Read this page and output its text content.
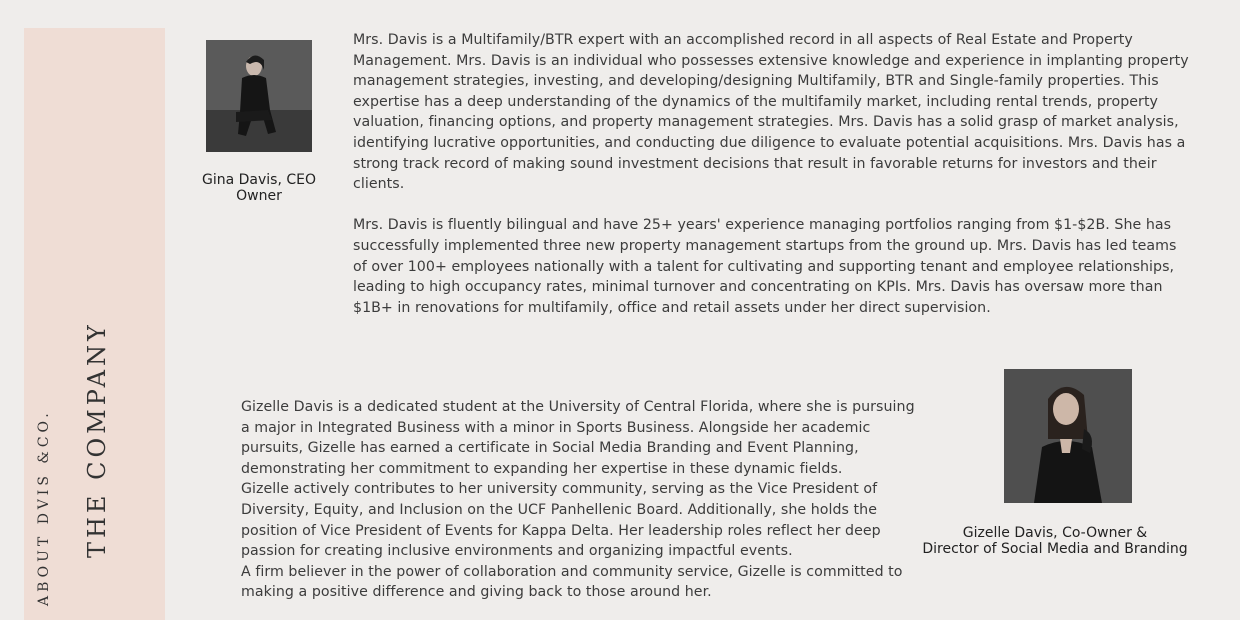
ABOUT DVIS &CO. THE COMPANY
Gina Davis, CEO
Owner

Mrs. Davis is a Multifamily/BTR expert with an accomplished record in all aspects of Real Estate and Property Management. Mrs. Davis is an individual who possesses extensive knowledge and experience in implanting property management strategies, investing, and developing/designing Multifamily, BTR and Single-family properties. This expertise has a deep understanding of the dynamics of the multifamily market, including rental trends, property valuation, financing options, and property management strategies. Mrs. Davis has a solid grasp of market analysis, identifying lucrative opportunities, and conducting due diligence to evaluate potential acquisitions. Mrs. Davis has a strong track record of making sound investment decisions that result in favorable returns for investors and their clients.

Mrs. Davis is fluently bilingual and have 25+ years' experience managing portfolios ranging from $1-$2B. She has successfully implemented three new property management startups from the ground up. Mrs. Davis has led teams of over 100+ employees nationally with a talent for cultivating and supporting tenant and employee relationships, leading to high occupancy rates, minimal turnover and concentrating on KPIs. Mrs. Davis has oversaw more than $1B+ in renovations for multifamily, office and retail assets under her direct supervision.

Gizelle Davis is a dedicated student at the University of Central Florida, where she is pursuing a major in Integrated Business with a minor in Sports Business. Alongside her academic pursuits, Gizelle has earned a certificate in Social Media Branding and Event Planning, demonstrating her commitment to expanding her expertise in these dynamic fields.

Gizelle actively contributes to her university community, serving as the Vice President of Diversity, Equity, and Inclusion on the UCF Panhellenic Board. Additionally, she holds the position of Vice President of Events for Kappa Delta. Her leadership roles reflect her deep passion for creating inclusive environments and organizing impactful events.

A firm believer in the power of collaboration and community service, Gizelle is committed to making a positive difference and giving back to those around her.

Gizelle Davis, Co-Owner &
Director of Social Media and Branding
